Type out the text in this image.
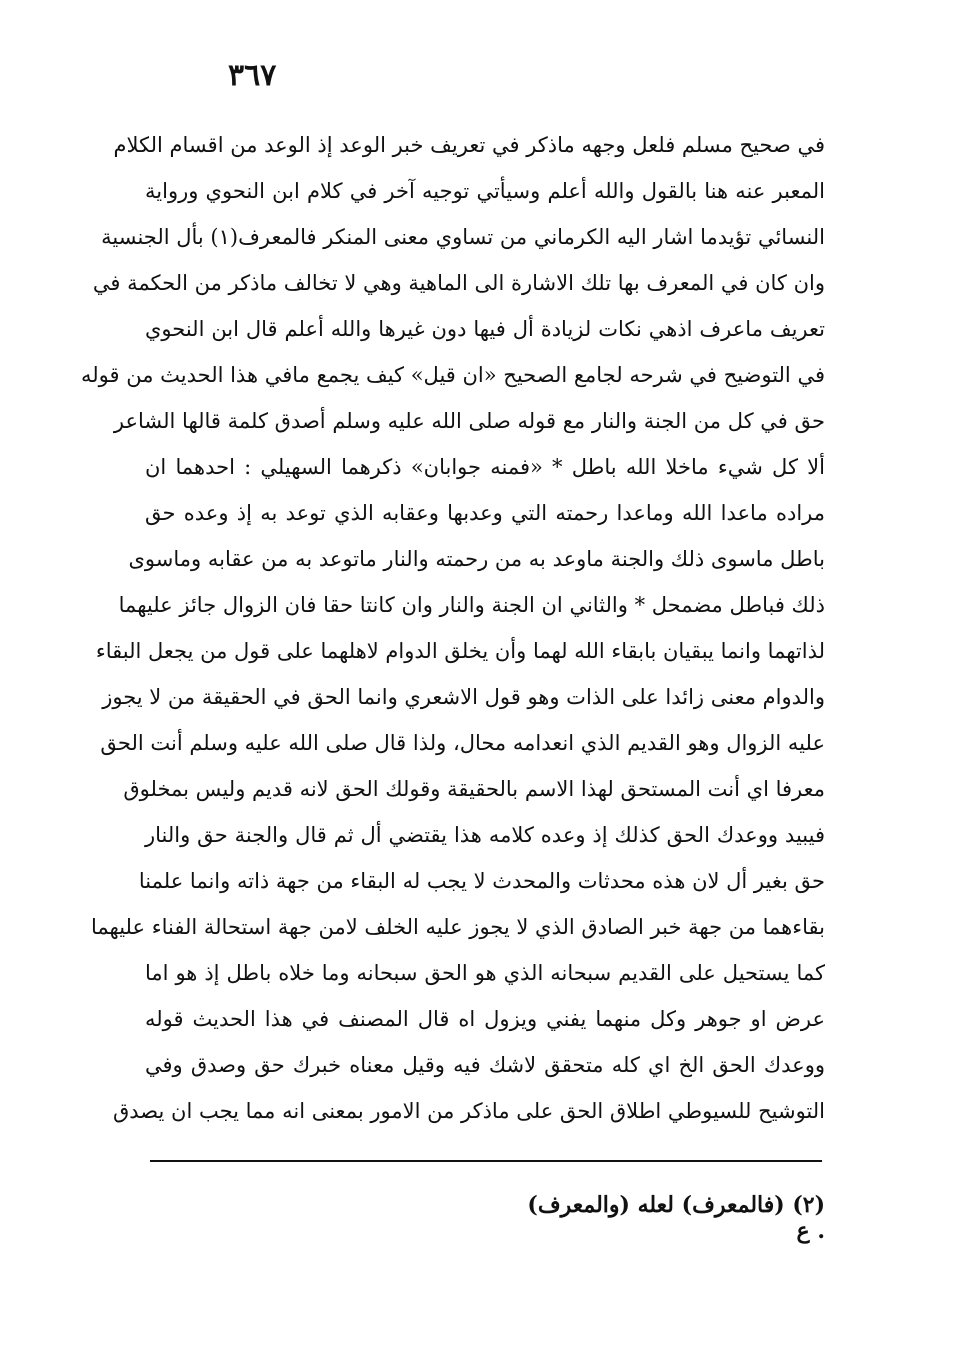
٣٦٧
في صحيح مسلم فلعل وجهه ماذكر في تعريف خبر الوعد إذ الوعد من اقسام الكلام
المعبر عنه هنا بالقول والله أعلم وسيأتي توجيه آخر في كلام ابن النحوي ورواية
النسائي تؤيدما اشار اليه الكرماني من تساوي معنى المنكر فالمعرف(١) بأل الجنسية
وان كان في المعرف بها تلك الاشارة الى الماهية وهي لا تخالف ماذكر من الحكمة في
تعريف ماعرف اذهي نكات لزيادة أل فيها دون غيرها والله أعلم قال ابن النحوي
في التوضيح في شرحه لجامع الصحيح «ان قيل» كيف يجمع مافي هذا الحديث من قوله
حق في كل من الجنة والنار مع قوله صلى الله عليه وسلم أصدق كلمة قالها الشاعر
ألا كل شيء ماخلا الله باطل * «فمنه جوابان» ذكرهما السهيلي : احدهما ان
مراده ماعدا الله وماعدا رحمته التي وعدبها وعقابه الذي توعد به إذ وعده حق
باطل ماسوى ذلك والجنة ماوعد به من رحمته والنار ماتوعد به من عقابه وماسوى
ذلك فباطل مضمحل * والثاني ان الجنة والنار وان كانتا حقا فان الزوال جائز عليهما
لذاتهما وانما يبقيان بابقاء الله لهما وأن يخلق الدوام لاهلهما على قول من يجعل البقاء
والدوام معنى زائدا على الذات وهو قول الاشعري وانما الحق في الحقيقة من لا يجوز
عليه الزوال وهو القديم الذي انعدامه محال، ولذا قال صلى الله عليه وسلم أنت الحق
معرفا اي أنت المستحق لهذا الاسم بالحقيقة وقولك الحق لانه قديم وليس بمخلوق
فيبيد ووعدك الحق كذلك إذ وعده كلامه هذا يقتضي أل ثم قال والجنة حق والنار
حق بغير أل لان هذه محدثات والمحدث لا يجب له البقاء من جهة ذاته وانما علمنا
بقاءهما من جهة خبر الصادق الذي لا يجوز عليه الخلف لامن جهة استحالة الفناء عليهما
كما يستحيل على القديم سبحانه الذي هو الحق سبحانه وما خلاه باطل إذ هو اما
عرض او جوهر وكل منهما يفني ويزول اه قال المصنف في هذا الحديث قوله
ووعدك الحق الخ اي كله متحقق لاشك فيه وقيل معناه خبرك حق وصدق وفي
التوشيح للسيوطي اطلاق الحق على ماذكر من الامور بمعنى انه مما يجب ان يصدق
(٢) (فالمعرف) لعله (والمعرف) . ع
